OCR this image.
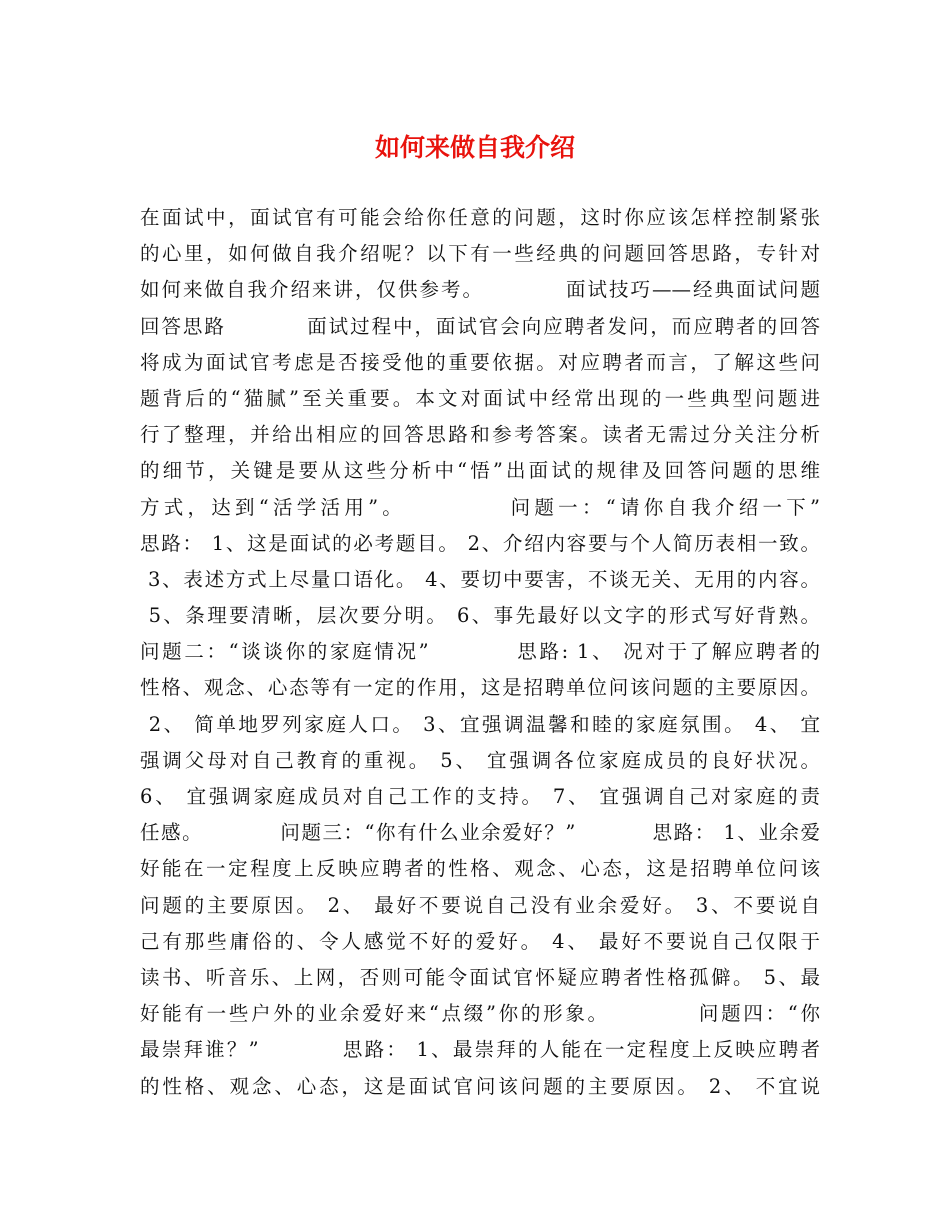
如何来做自我介绍
在面试中，面试官有可能会给你任意的问题，这时你应该怎样控制紧张
的心里，如何做自我介绍呢？以下有一些经典的问题回答思路，专针对
如何来做自我介绍来讲，仅供参考。          面试技巧——经典面试问题
回答思路          面试过程中，面试官会向应聘者发问，而应聘者的回答
将成为面试官考虑是否接受他的重要依据。对应聘者而言，了解这些问
题背后的“猫腻”至关重要。本文对面试中经常出现的一些典型问题进
行了整理，并给出相应的回答思路和参考答案。读者无需过分关注分析
的细节，关键是要从这些分析中“悟”出面试的规律及回答问题的思维
方式，达到“活学活用”。          问题一：“请你自我介绍一下”
思路： 1、这是面试的必考题目。 2、介绍内容要与个人简历表相一致。
3、表述方式上尽量口语化。 4、要切中要害，不谈无关、无用的内容。
5、条理要清晰，层次要分明。 6、事先最好以文字的形式写好背熟。
问题二：“谈谈你的家庭情况”          思路: 1、 况对于了解应聘者的
性格、观念、心态等有一定的作用，这是招聘单位问该问题的主要原因。
2、 简单地罗列家庭人口。 3、宜强调温馨和睦的家庭氛围。 4、 宜
强调父母对自己教育的重视。 5、 宜强调各位家庭成员的良好状况。
6、 宜强调家庭成员对自己工作的支持。 7、 宜强调自己对家庭的责
任感。          问题三：“你有什么业余爱好？”          思路： 1、业余爱
好能在一定程度上反映应聘者的性格、观念、心态，这是招聘单位问该
问题的主要原因。 2、 最好不要说自己没有业余爱好。 3、不要说自
己有那些庸俗的、令人感觉不好的爱好。 4、 最好不要说自己仅限于
读书、听音乐、上网，否则可能令面试官怀疑应聘者性格孤僻。 5、最
好能有一些户外的业余爱好来“点缀”你的形象。          问题四：“你
最崇拜谁？”          思路： 1、最崇拜的人能在一定程度上反映应聘者
的性格、观念、心态，这是面试官问该问题的主要原因。 2、 不宜说
